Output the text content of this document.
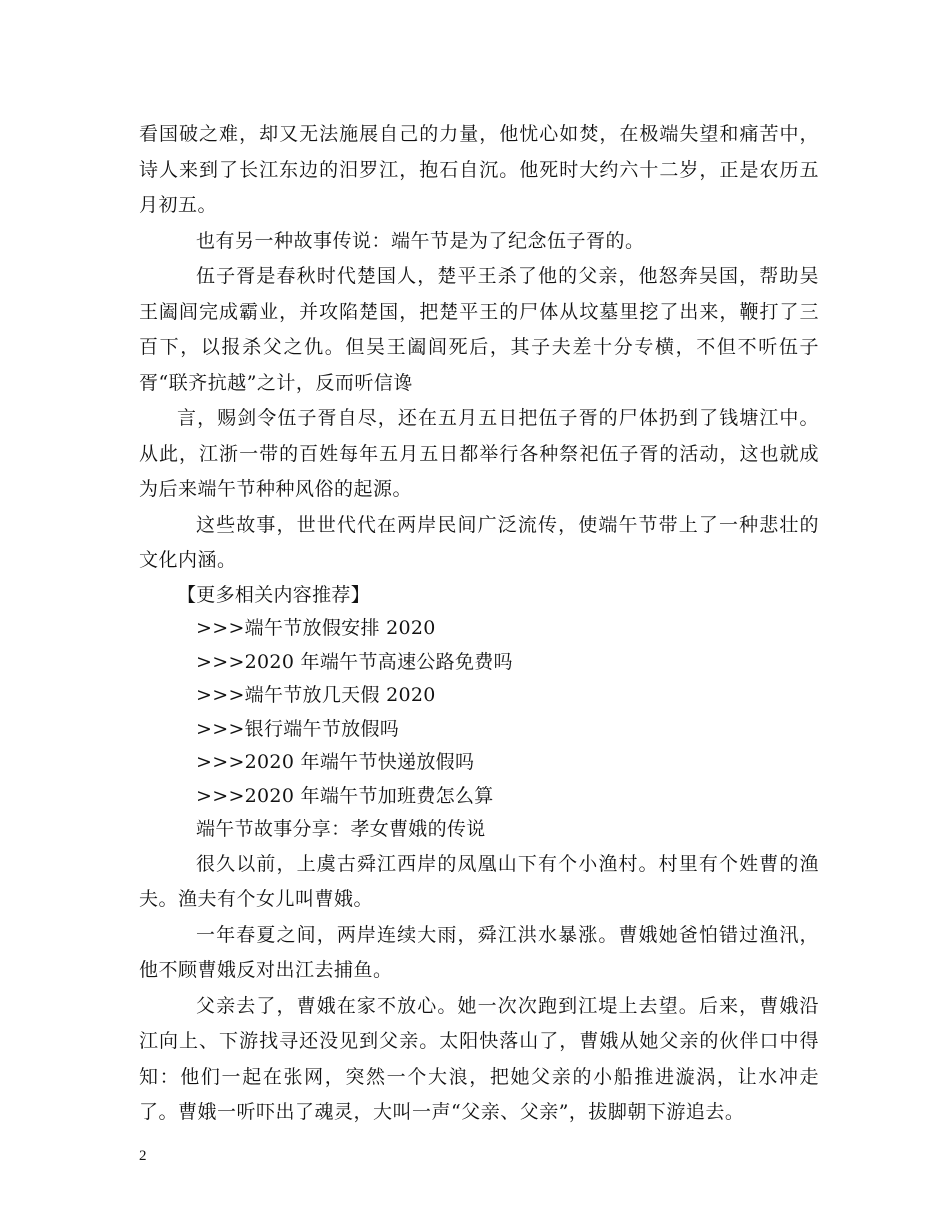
看国破之难，却又无法施展自己的力量，他忧心如焚，在极端失望和痛苦中，诗人来到了长江东边的汨罗江，抱石自沉。他死时大约六十二岁，正是农历五月初五。

也有另一种故事传说：端午节是为了纪念伍子胥的。

伍子胥是春秋时代楚国人，楚平王杀了他的父亲，他怒奔吴国，帮助吴王阖闾完成霸业，并攻陷楚国，把楚平王的尸体从坟墓里挖了出来，鞭打了三百下，以报杀父之仇。但吴王阖闾死后，其子夫差十分专横，不但不听伍子胥“联齐抗越”之计，反而听信谗

言，赐剑令伍子胥自尽，还在五月五日把伍子胥的尸体扔到了钱塘江中。从此，江浙一带的百姓每年五月五日都举行各种祭祀伍子胥的活动，这也就成为后来端午节种种风俗的起源。

这些故事，世世代代在两岸民间广泛流传，使端午节带上了一种悲壮的文化内涵。

【更多相关内容推荐】

>>>端午节放假安排 2020

>>>2020 年端午节高速公路免费吗

>>>端午节放几天假 2020

>>>银行端午节放假吗

>>>2020 年端午节快递放假吗

>>>2020 年端午节加班费怎么算

端午节故事分享：孝女曹娥的传说

很久以前，上虞古舜江西岸的凤凰山下有个小渔村。村里有个姓曹的渔夫。渔夫有个女儿叫曹娥。

一年春夏之间，两岸连续大雨，舜江洪水暴涨。曹娥她爸怕错过渔汛，他不顾曹娥反对出江去捕鱼。

父亲去了，曹娥在家不放心。她一次次跑到江堤上去望。后来，曹娥沿江向上、下游找寻还没见到父亲。太阳快落山了，曹娥从她父亲的伙伴口中得知：他们一起在张网，突然一个大浪，把她父亲的小船推进漩涡，让水冲走了。曹娥一听吓出了魂灵，大叫一声“父亲、父亲”，拔脚朝下游追去。

2
